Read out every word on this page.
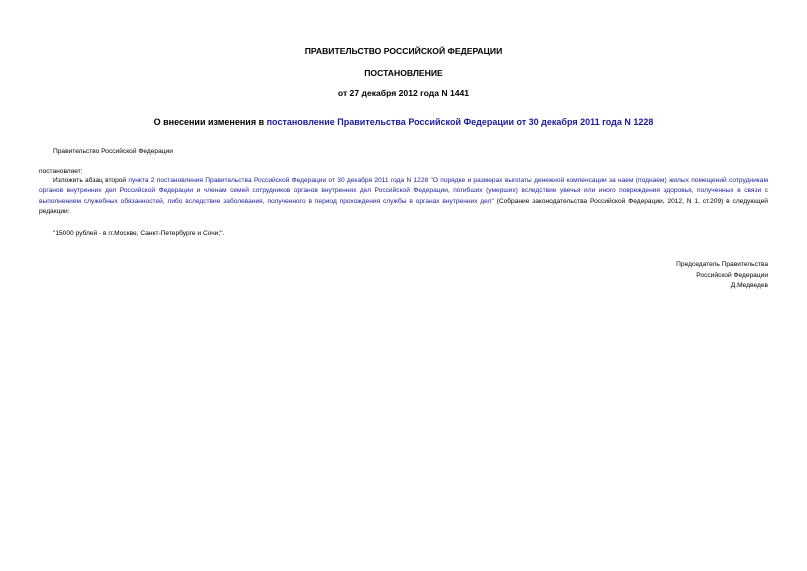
ПРАВИТЕЛЬСТВО РОССИЙСКОЙ ФЕДЕРАЦИИ
ПОСТАНОВЛЕНИЕ
от 27 декабря 2012 года N 1441
О внесении изменения в постановление Правительства Российской Федерации от 30 декабря 2011 года N 1228
Правительство Российской Федерации
постановляет:
Изложить абзац второй пункта 2 постановления Правительства Российской Федерации от 30 декабря 2011 года N 1228 "О порядке и размерах выплаты денежной компенсации за наем (поднаем) жилых помещений сотрудникам органов внутренних дел Российской Федерации и членам семей сотрудников органов внутренних дел Российской Федерации, погибших (умерших) вследствие увечья или иного повреждения здоровья, полученных в связи с выполнением служебных обязанностей, либо вследствие заболевания, полученного в период прохождения службы в органах внутренних дел" (Собрание законодательства Российской Федерации, 2012, N 1, ст.209) в следующей редакции:
"15000 рублей - в гг.Москве, Санкт-Петербурге и Сочи;".
Председатель Правительства
Российской Федерации
Д.Медведев
